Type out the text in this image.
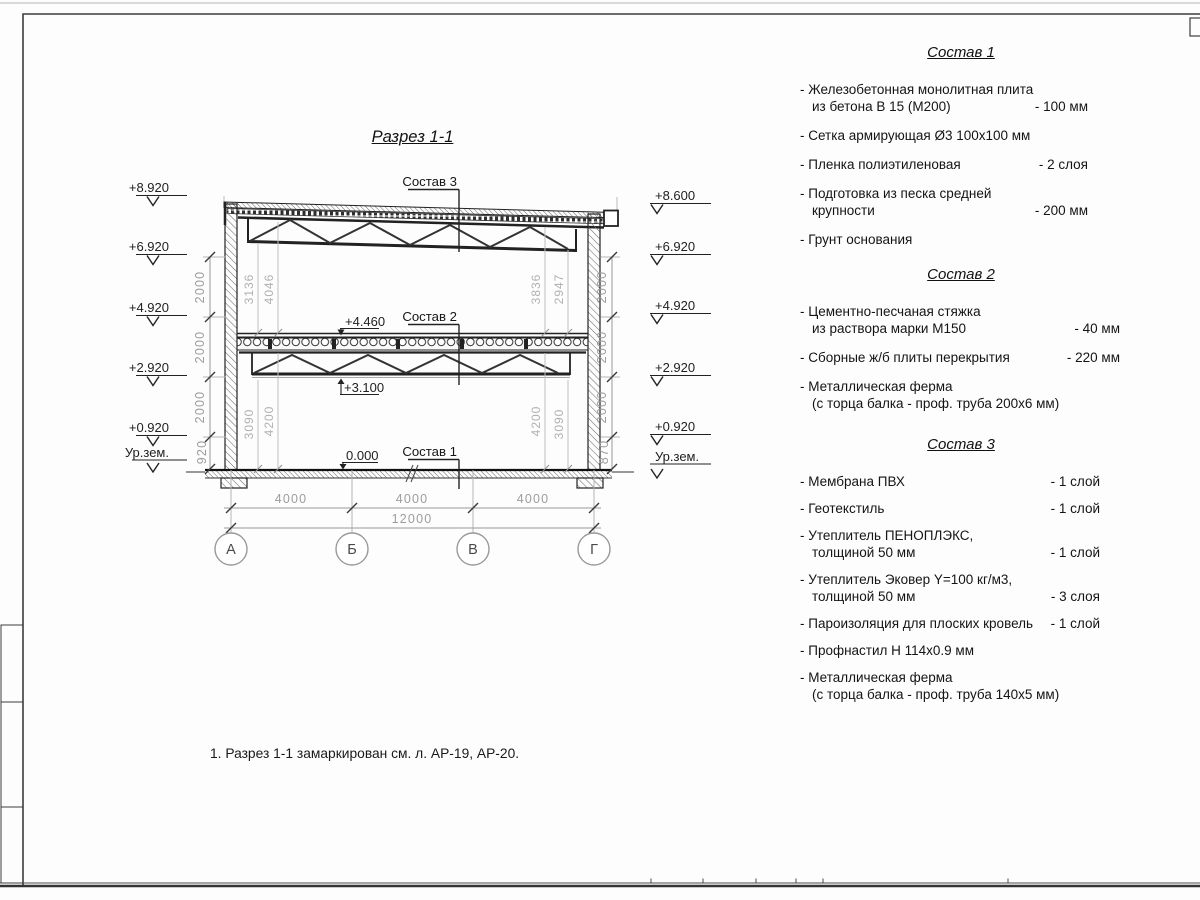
Состав 3
Состав 2
Состав 1
+4.460
+3.100
0.000
+8.920
+6.920
+4.920
+2.920
+0.920
Ур.зем.
+8.600
+6.920
+4.920
+2.920
+0.920
Ур.зем.
2000
2000
2000
920
2000
2000
2000
870
3136 4046	3836 2947
3090 4200	4200 3090
4000	4000	4000
12000
А	Б	В	Г
Разрез 1-1
1. Разрез 1-1 замаркирован см. л. АР-19, АР-20.
Состав 1
- Железобетонная монолитная плита
из бетона В 15 (М200)	- 100 мм
- Сетка армирующая Ø3 100х100 мм
- Пленка полиэтиленовая	- 2 слоя
- Подготовка из песка средней
крупности	- 200 мм
- Грунт основания
Состав 2
- Цементно-песчаная стяжка
из раствора марки М150	- 40 мм
- Сборные ж/б плиты перекрытия	- 220 мм
- Металлическая ферма
(с торца балка - проф. труба 200х6 мм)
Состав 3
- Мембрана ПВХ	- 1 слой
- Геотекстиль	- 1 слой
- Утеплитель ПЕНОПЛЭКС,
толщиной 50 мм	- 1 слой
- Утеплитель Эковер Y=100 кг/м3,
толщиной 50 мм	- 3 слоя
- Пароизоляция для плоских кровель	- 1 слой
- Профнастил Н 114х0.9 мм
- Металлическая ферма
(с торца балка - проф. труба 140х5 мм)
